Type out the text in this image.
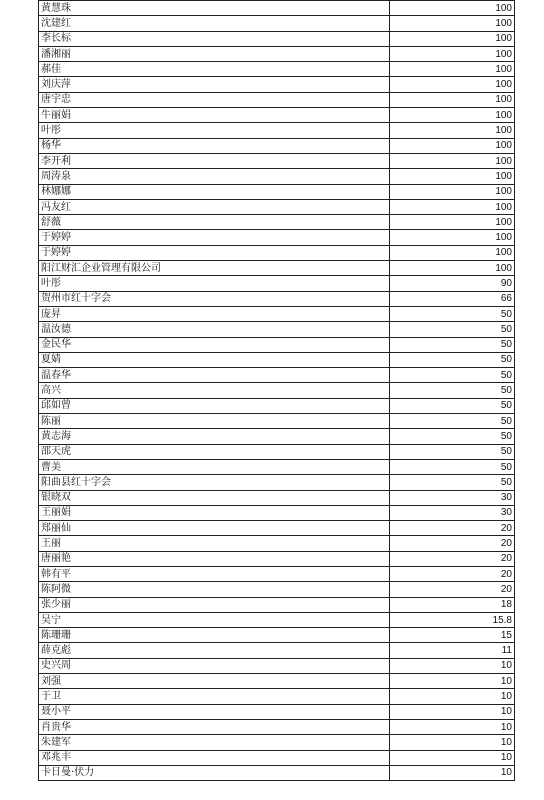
黄慧珠	100
沈建红	100
李长标	100
潘湘丽	100
郝佳	100
刘庆萍	100
唐宇忠	100
牛丽娟	100
叶彤	100
杨华	100
李开利	100
周涛泉	100
林娜娜	100
冯友红	100
舒薇	100
于婷婷	100
于婷婷	100
阳江财汇企业管理有限公司	100
叶彤	90
贺州市红十字会	66
庞昇	50
温汝德	50
金民华	50
夏婧	50
温春华	50
高兴	50
邱如曾	50
陈丽	50
黄志海	50
邵天虎	50
曹美	50
阳曲县红十字会	50
银晓双	30
王丽娟	30
郑丽仙	20
王丽	20
唐丽艳	20
韩有平	20
陈阿微	20
张少丽	18
吴宁	15.8
陈珊珊	15
薛克彪	11
史兴周	10
刘强	10
于卫	10
聂小平	10
肖贵华	10
朱建军	10
邓兆丰	10
卡日曼·伏力	10
